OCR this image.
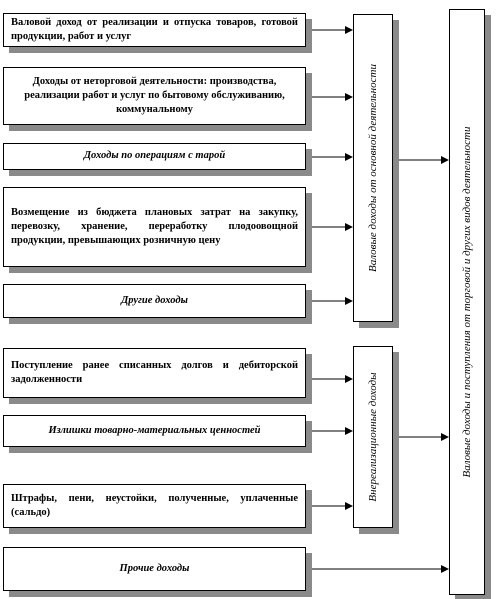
Валовой доход от реализации и отпуска товаров, готовой продукции, работ и услуг
Доходы от неторговой деятельности: производства, реализации работ и услуг по бытовому обслуживанию, коммунальному
Доходы по операциям с тарой
Возмещение из бюджета плановых затрат на закупку, перевозку, хранение, переработку плодоовощной продукции, превышающих розничную цену
Другие доходы
Поступление ранее списанных долгов и дебиторской задолженности
Излишки товарно-материальных ценностей
Штрафы, пени, неустойки, полученные, уплаченные (сальдо)
Прочие доходы
Валовые доходы от основной деятельности
Внереализационные доходы	Валовые доходы и поступления от торговой и других видов деятельности
